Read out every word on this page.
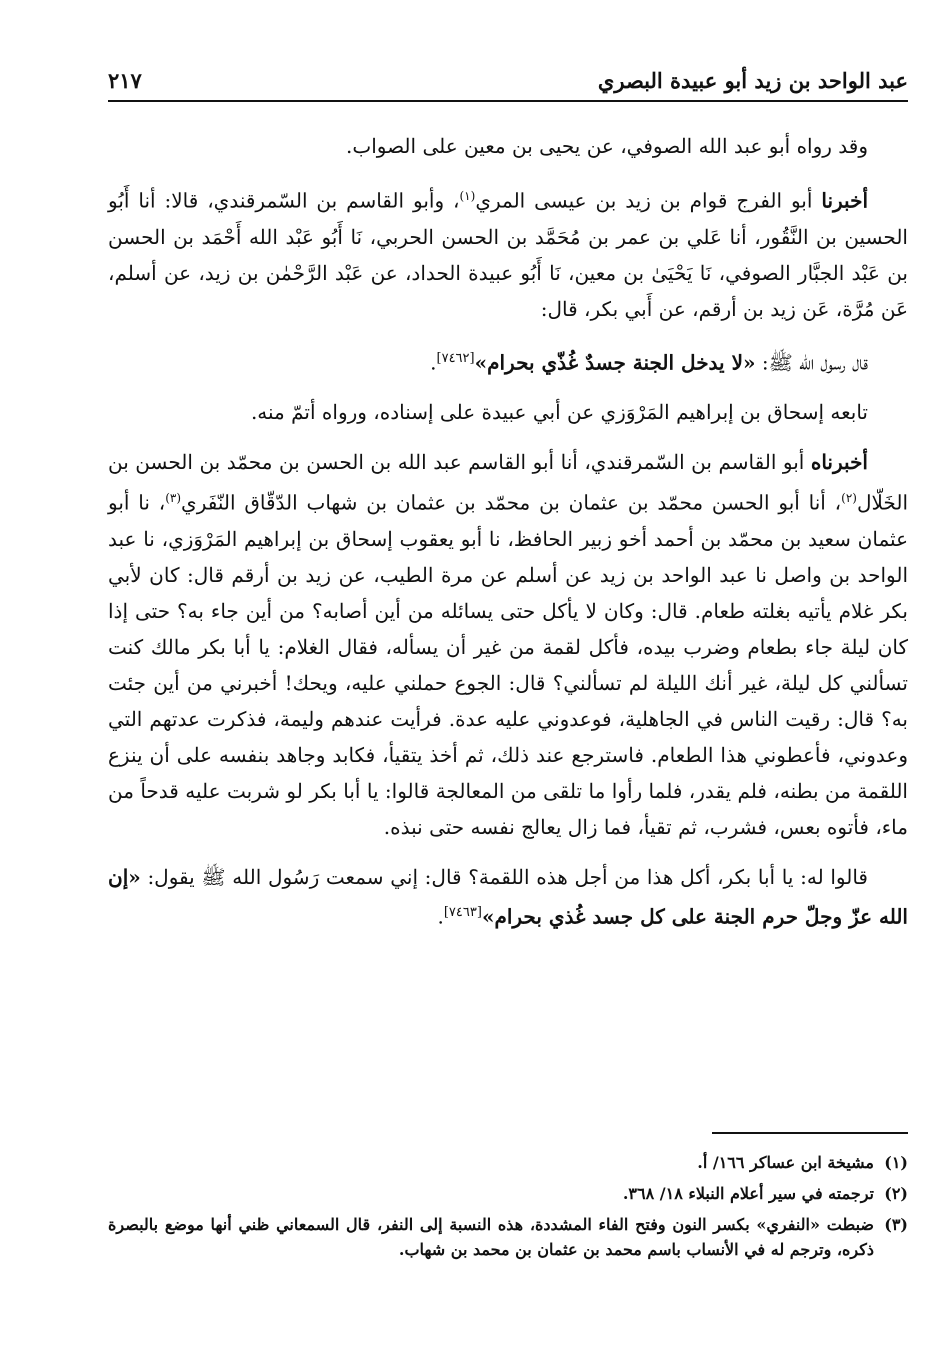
عبد الواحد بن زيد أبو عبيدة البصري
٢١٧

وقد رواه أبو عبد الله الصوفي، عن يحيى بن معين على الصواب.

أخبرنا أبو الفرج قوام بن زيد بن عيسى المري$^{(١)}$، وأبو القاسم بن السّمرقندي، قالا: أنا أَبُو الحسين بن النَّقُور، أنا عَلي بن عمر بن مُحَمَّد بن الحسن الحربي، نَا أَبُو عَبْد الله أَحْمَد بن الحسن بن عَبْد الجبَّار الصوفي، نَا يَحْيَىٰ بن معين، نَا أَبُو عبيدة الحداد، عن عَبْد الرَّحْمٰن بن زيد، عن أسلم، عَن مُرَّة، عَن زيد بن أرقم، عن أَبي بكر، قال:

قال رسول الله ﷺ: «لا يدخل الجنة جسدٌ غُذّي بحرام»[٧٤٦٢].

تابعه إسحاق بن إبراهيم المَرْوَزي عن أبي عبيدة على إسناده، ورواه أتمّ منه.

أخبرناه أبو القاسم بن السّمرقندي، أنا أبو القاسم عبد الله بن الحسن بن محمّد بن الحسن بن الخَلّال$^{(٢)}$، أنا أبو الحسن محمّد بن عثمان بن محمّد بن عثمان بن شهاب الدّقّاق النّفَري$^{(٣)}$، نا أبو عثمان سعيد بن محمّد بن أحمد أخو زبير الحافظ، نا أبو يعقوب إسحاق بن إبراهيم المَرْوَزي، نا عبد الواحد بن واصل نا عبد الواحد بن زيد عن أسلم عن مرة الطيب، عن زيد بن أرقم قال: كان لأبي بكر غلام يأتيه بغلته طعام. قال: وكان لا يأكل حتى يسائله من أين أصابه؟ من أين جاء به؟ حتى إذا كان ليلة جاء بطعام وضرب بيده، فأكل لقمة من غير أن يسأله، فقال الغلام: يا أبا بكر مالك كنت تسألني كل ليلة، غير أنك الليلة لم تسألني؟ قال: الجوع حملني عليه، ويحك! أخبرني من أين جئت به؟ قال: رقيت الناس في الجاهلية، فوعدوني عليه عدة. فرأيت عندهم وليمة، فذكرت عدتهم التي وعدوني، فأعطوني هذا الطعام. فاسترجع عند ذلك، ثم أخذ يتقيأ، فكابد وجاهد بنفسه على أن ينزع اللقمة من بطنه، فلم يقدر، فلما رأوا ما تلقى من المعالجة قالوا: يا أبا بكر لو شربت عليه قدحاً من ماء، فأتوه بعس، فشرب، ثم تقيأ، فما زال يعالج نفسه حتى نبذه.

قالوا له: يا أبا بكر، أكل هذا من أجل هذه اللقمة؟ قال: إني سمعت رَسُول الله ﷺ يقول: «إن الله عزّ وجلّ حرم الجنة على كل جسد غُذي بحرام»[٧٤٦٣].

(١)
مشيخة ابن عساكر ١٦٦/ أ.
(٢)
ترجمته في سير أعلام النبلاء ١٨/ ٣٦٨.
(٣)
ضبطت «النفري» بكسر النون وفتح الفاء المشددة، هذه النسبة إلى النفر، قال السمعاني ظني أنها موضع بالبصرة ذكره، وترجم له في الأنساب باسم محمد بن عثمان بن محمد بن شهاب.
